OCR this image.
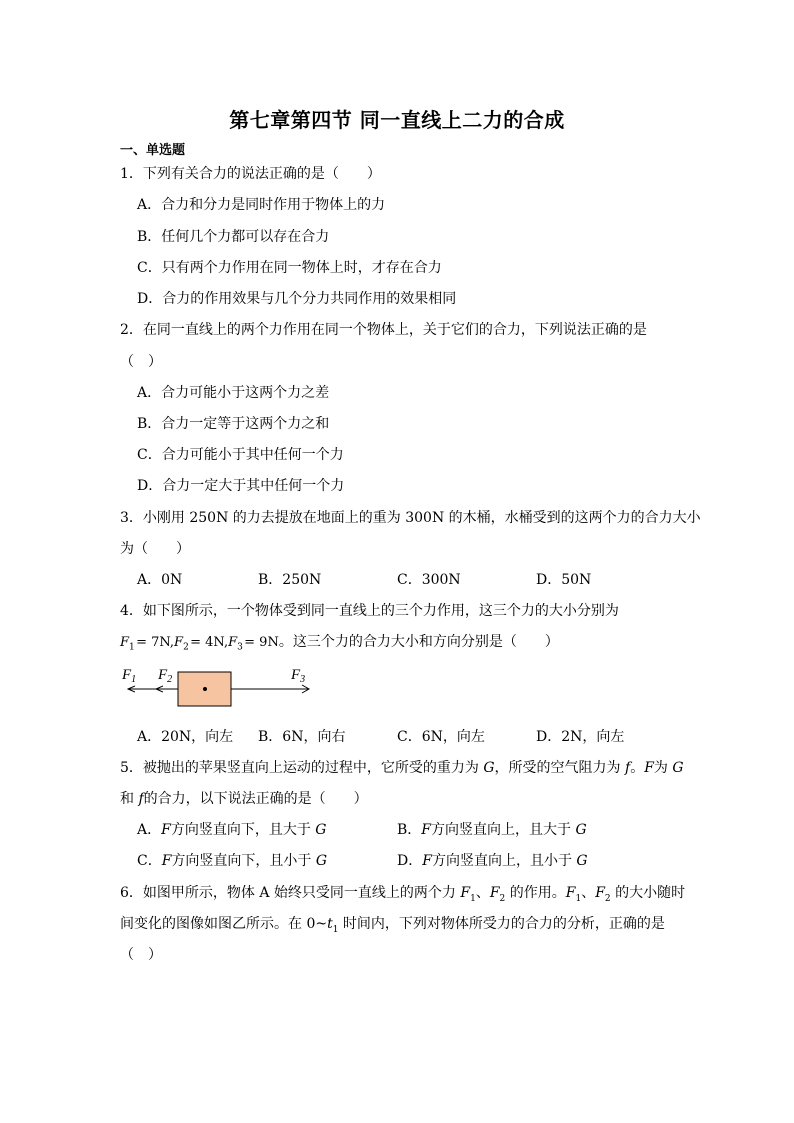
第七章第四节 同一直线上二力的合成
一、单选题
1．下列有关合力的说法正确的是（　　）
A．合力和分力是同时作用于物体上的力
B．任何几个力都可以存在合力
C．只有两个力作用在同一物体上时，才存在合力
D．合力的作用效果与几个分力共同作用的效果相同
2．在同一直线上的两个力作用在同一个物体上，关于它们的合力，下列说法正确的是
（　）
A．合力可能小于这两个力之差
B．合力一定等于这两个力之和
C．合力可能小于其中任何一个力
D．合力一定大于其中任何一个力
3．小刚用 250N 的力去提放在地面上的重为 300N 的木桶，水桶受到的这两个力的合力大小
为（　　）
A．0N	B．250N	C．300N	D．50N
4．如下图所示，一个物体受到同一直线上的三个力作用，这三个力的大小分别为
$F_1$ = $7N,F_2$ = $4N,F_3$ = 9N。这三个力的合力大小和方向分别是（　　）
$F_1$ $F_2$	$F_3$
A．20N，向左 B．6N，向右	C．6N，向左	D．2N，向左
5．被抛出的苹果竖直向上运动的过程中，它所受的重力为 G，所受的空气阻力为 f。F为 G
和 f的合力，以下说法正确的是（　　）
A．F方向竖直向下，且大于 G	B．F方向竖直向上，且大于 G
C．F方向竖直向下，且小于 G	D．F方向竖直向上，且小于 G
6．如图甲所示，物体 A 始终只受同一直线上的两个力 $F_1$、$F_2$ 的作用。$F_1$、$F_2$ 的大小随时
间变化的图像如图乙所示。在 $0\sim t_1$ 时间内，下列对物体所受力的合力的分析，正确的是
（　）
